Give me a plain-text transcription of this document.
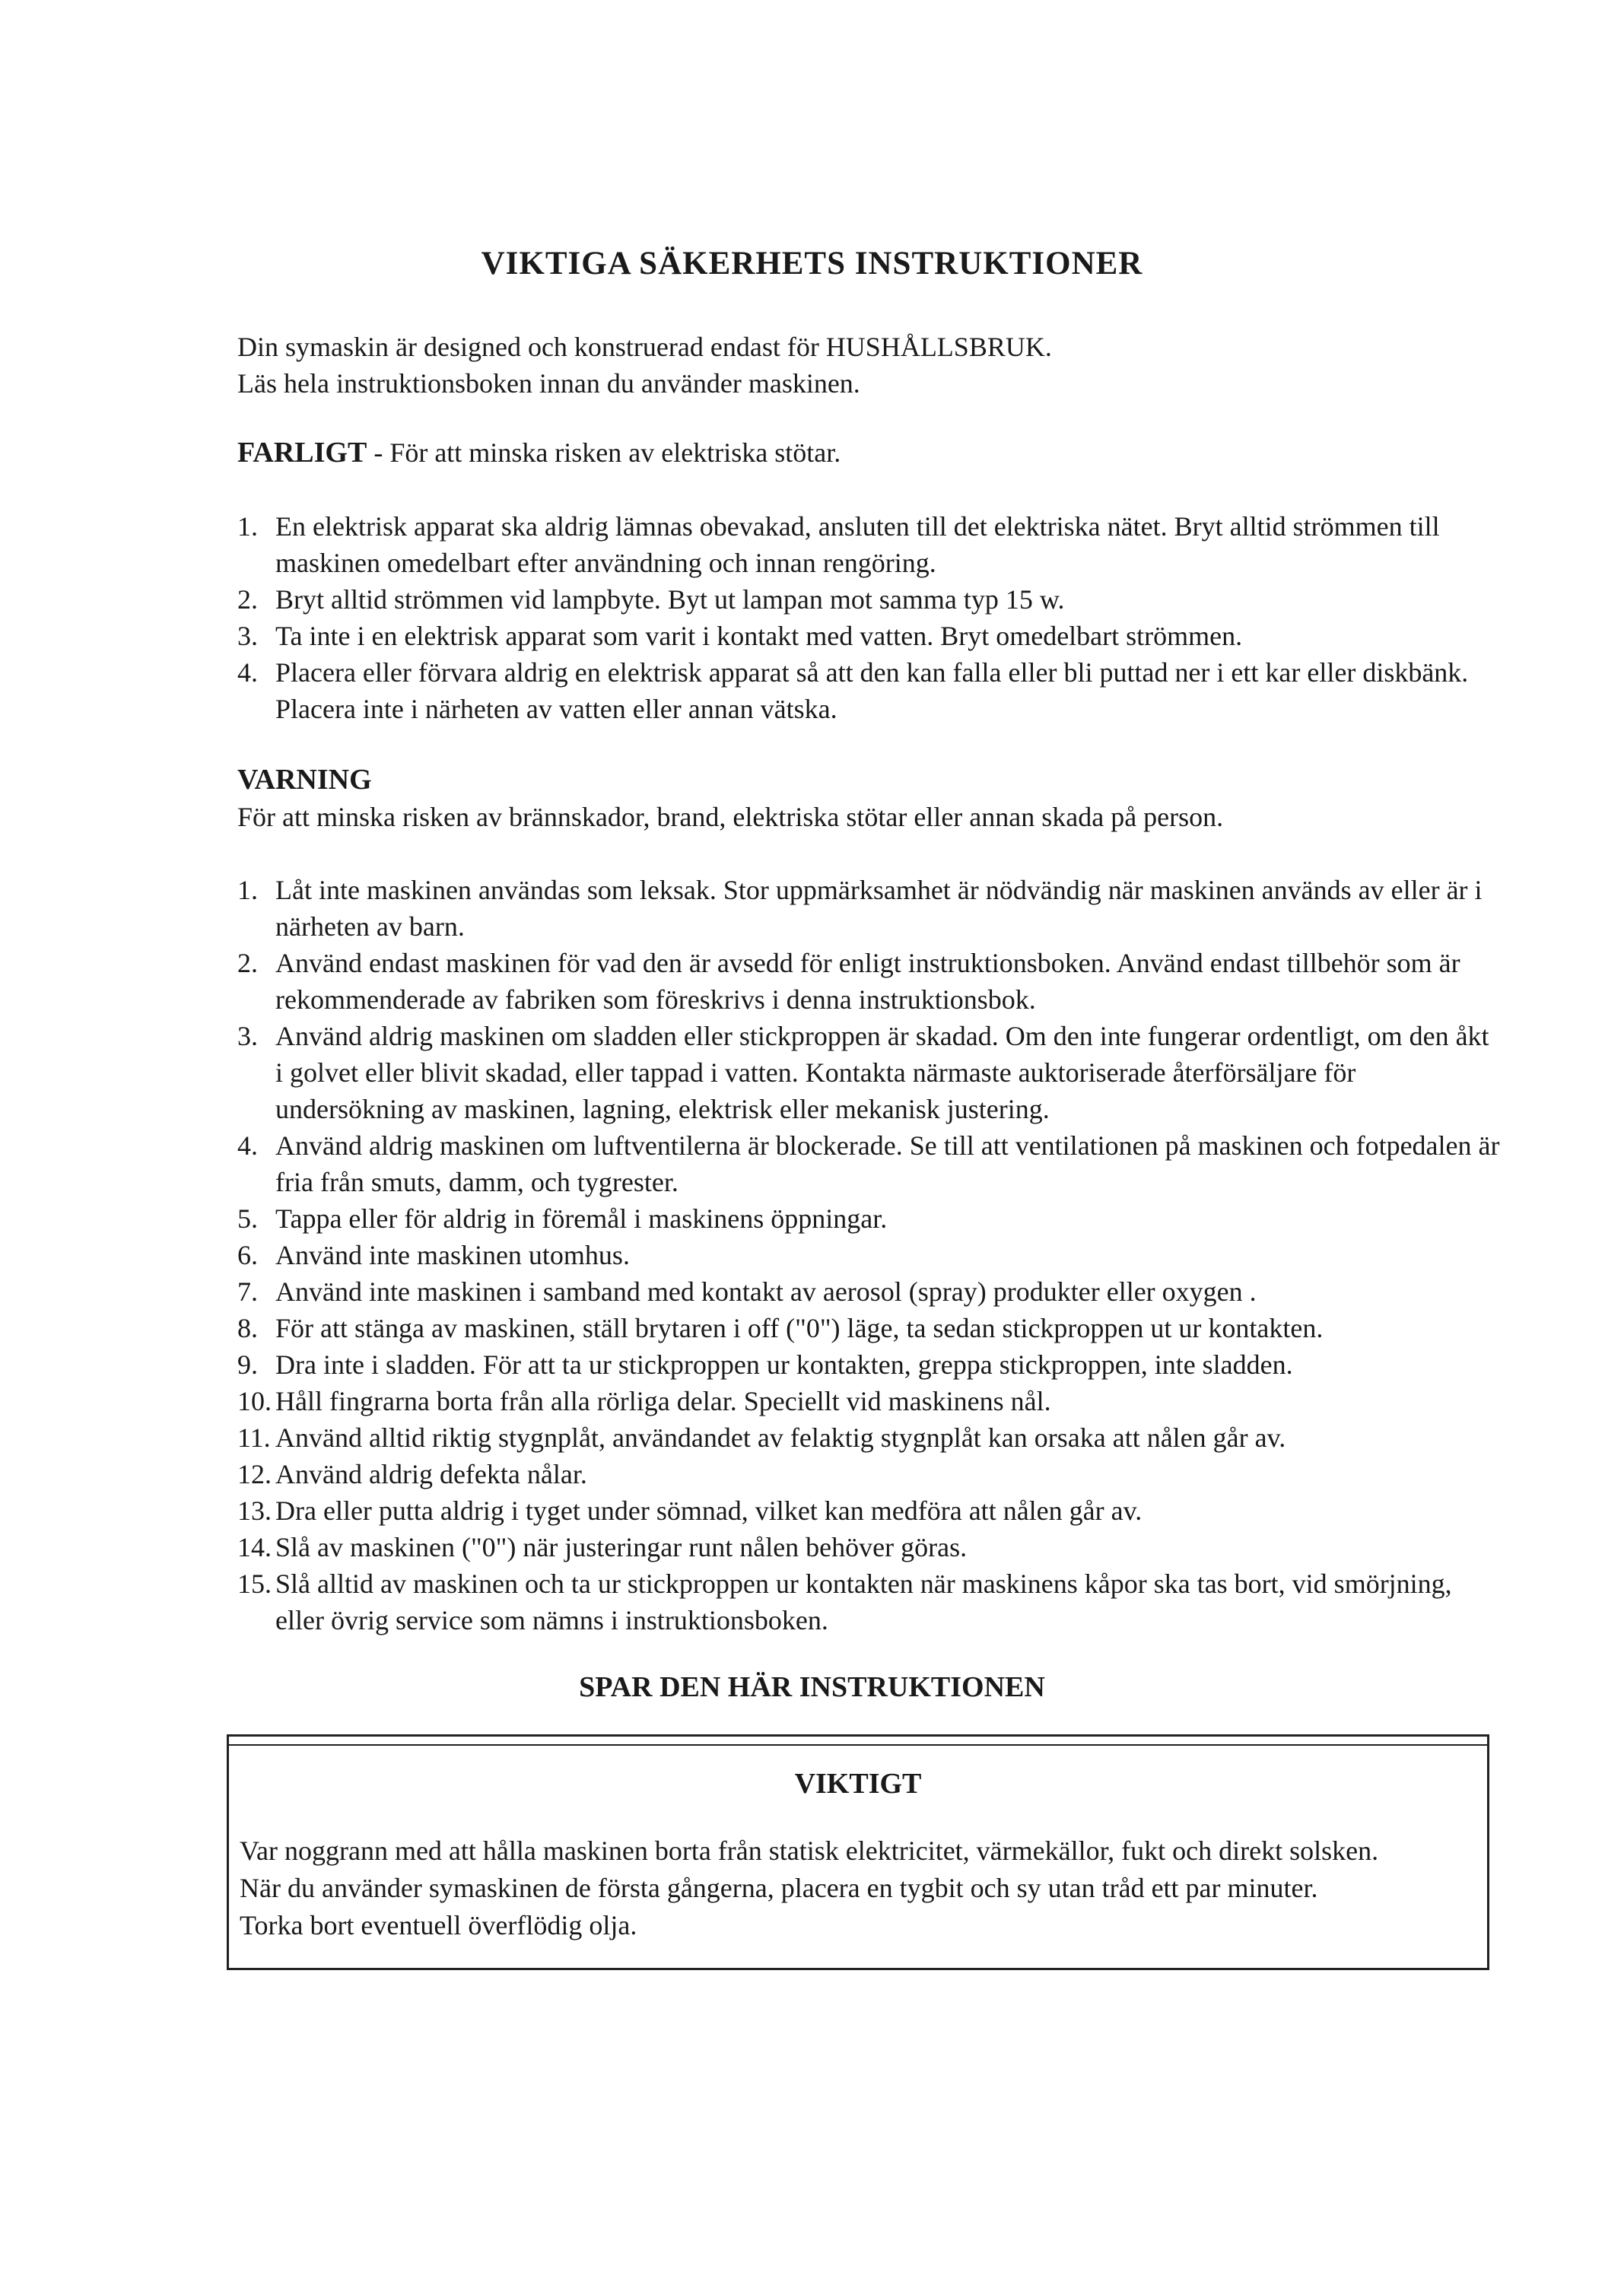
VIKTIGA SÄKERHETS INSTRUKTIONER

Din symaskin är designed och konstruerad endast för HUSHÅLLSBRUK.

Läs hela instruktionsboken innan du använder maskinen.

FARLIGT - För att minska risken av elektriska stötar.

1. En elektrisk apparat ska aldrig lämnas obevakad, ansluten till det elektriska nätet. Bryt alltid strömmen till maskinen omedelbart efter användning och innan rengöring.
2. Bryt alltid strömmen vid lampbyte. Byt ut lampan mot samma typ 15 w.
3. Ta inte i en elektrisk apparat som varit i kontakt med vatten. Bryt omedelbart strömmen.
4. Placera eller förvara aldrig en elektrisk apparat så att den kan falla eller bli puttad ner i ett kar eller diskbänk. Placera inte i närheten av vatten eller annan vätska.

VARNING

För att minska risken av brännskador, brand, elektriska stötar eller annan skada på person.

1. Låt inte maskinen användas som leksak. Stor uppmärksamhet är nödvändig när maskinen används av eller är i närheten av barn.
2. Använd endast maskinen för vad den är avsedd för enligt instruktionsboken. Använd endast tillbehör som är rekommenderade av fabriken som föreskrivs i denna instruktionsbok.
3. Använd aldrig maskinen om sladden eller stickproppen är skadad. Om den inte fungerar ordentligt, om den åkt i golvet eller blivit skadad, eller tappad i vatten. Kontakta närmaste auktoriserade återförsäljare för undersökning av maskinen, lagning, elektrisk eller mekanisk justering.
4. Använd aldrig maskinen om luftventilerna är blockerade. Se till att ventilationen på maskinen och fotpedalen är fria från smuts, damm, och tygrester.
5. Tappa eller för aldrig in föremål i maskinens öppningar.
6. Använd inte maskinen utomhus.
7. Använd inte maskinen i samband med kontakt av aerosol (spray) produkter eller oxygen .
8. För att stänga av maskinen, ställ brytaren i off ("0") läge, ta sedan stickproppen ut ur kontakten.
9. Dra inte i sladden. För att ta ur stickproppen ur kontakten, greppa stickproppen, inte sladden.
10. Håll fingrarna borta från alla rörliga delar. Speciellt vid maskinens nål.
11. Använd alltid riktig stygnplåt, användandet av felaktig stygnplåt kan orsaka att nålen går av.
12. Använd aldrig defekta nålar.
13. Dra eller putta aldrig i tyget under sömnad, vilket kan medföra att nålen går av.
14. Slå av maskinen ("0") när justeringar runt nålen behöver göras.
15. Slå alltid av maskinen och ta ur stickproppen ur kontakten när maskinens kåpor ska tas bort, vid smörjning, eller övrig service som nämns i instruktionsboken.
SPAR DEN HÄR INSTRUKTIONEN

VIKTIGT

Var noggrann med att hålla maskinen borta från statisk elektricitet, värmekällor, fukt och direkt solsken.

När du använder symaskinen de första gångerna, placera en tygbit och sy utan tråd ett par minuter.

Torka bort eventuell överflödig olja.
